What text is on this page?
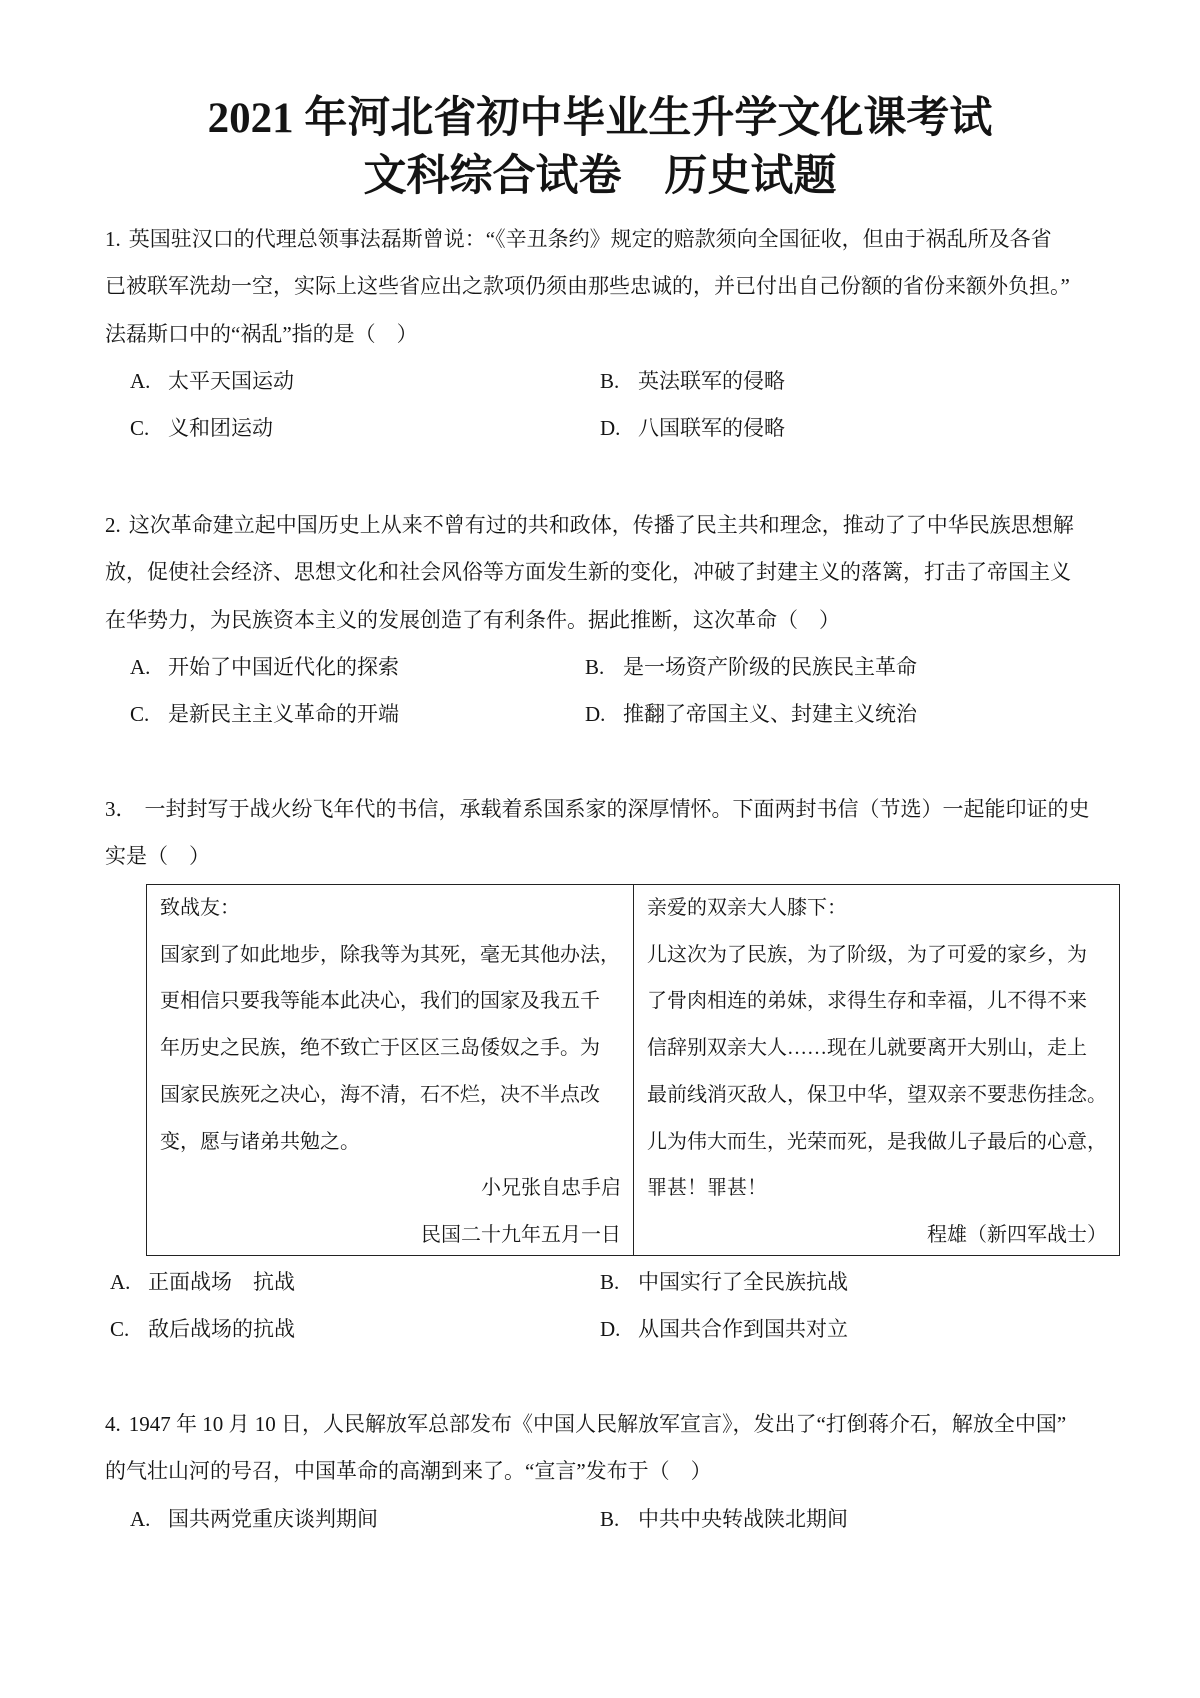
2021 年河北省初中毕业生升学文化课考试
文科综合试卷　历史试题
1. 英国驻汉口的代理总领事法磊斯曾说：“《辛丑条约》规定的赔款须向全国征收，但由于祸乱所及各省
已被联军洗劫一空，实际上这些省应出之款项仍须由那些忠诚的，并已付出自己份额的省份来额外负担。”
法磊斯口中的“祸乱”指的是（　）
A. 太平天国运动	B. 英法联军的侵略
C. 义和团运动	D. 八国联军的侵略
2. 这次革命建立起中国历史上从来不曾有过的共和政体，传播了民主共和理念，推动了了中华民族思想解
放，促使社会经济、思想文化和社会风俗等方面发生新的变化，冲破了封建主义的落篱，打击了帝国主义
在华势力，为民族资本主义的发展创造了有利条件。据此推断，这次革命（　）
A. 开始了中国近代化的探索	B. 是一场资产阶级的民族民主革命
C. 是新民主主义革命的开端	D. 推翻了帝国主义、封建主义统治
3． 一封封写于战火纷飞年代的书信，承载着系国系家的深厚情怀。下面两封书信（节选）一起能印证的史
实是（　）
致战友：
国家到了如此地步，除我等为其死，毫无其他办法，
更相信只要我等能本此决心，我们的国家及我五千
年历史之民族，绝不致亡于区区三岛倭奴之手。为
国家民族死之决心，海不清，石不烂，决不半点改
变，愿与诸弟共勉之。
小兄张自忠手启
民国二十九年五月一日
亲爱的双亲大人膝下：
儿这次为了民族，为了阶级，为了可爱的家乡，为
了骨肉相连的弟妹，求得生存和幸福，儿不得不来
信辞别双亲大人……现在儿就要离开大别山，走上
最前线消灭敌人，保卫中华，望双亲不要悲伤挂念。
儿为伟大而生，光荣而死，是我做儿子最后的心意，
罪甚！罪甚！
程雄（新四军战士）
A. 正面战场　抗战	B. 中国实行了全民族抗战
C. 敌后战场的抗战	D. 从国共合作到国共对立
4. 1947 年 10 月 10 日，人民解放军总部发布《中国人民解放军宣言》，发出了“打倒蒋介石，解放全中国”
的气壮山河的号召，中国革命的高潮到来了。“宣言”发布于（　）
A. 国共两党重庆谈判期间	B. 中共中央转战陕北期间
